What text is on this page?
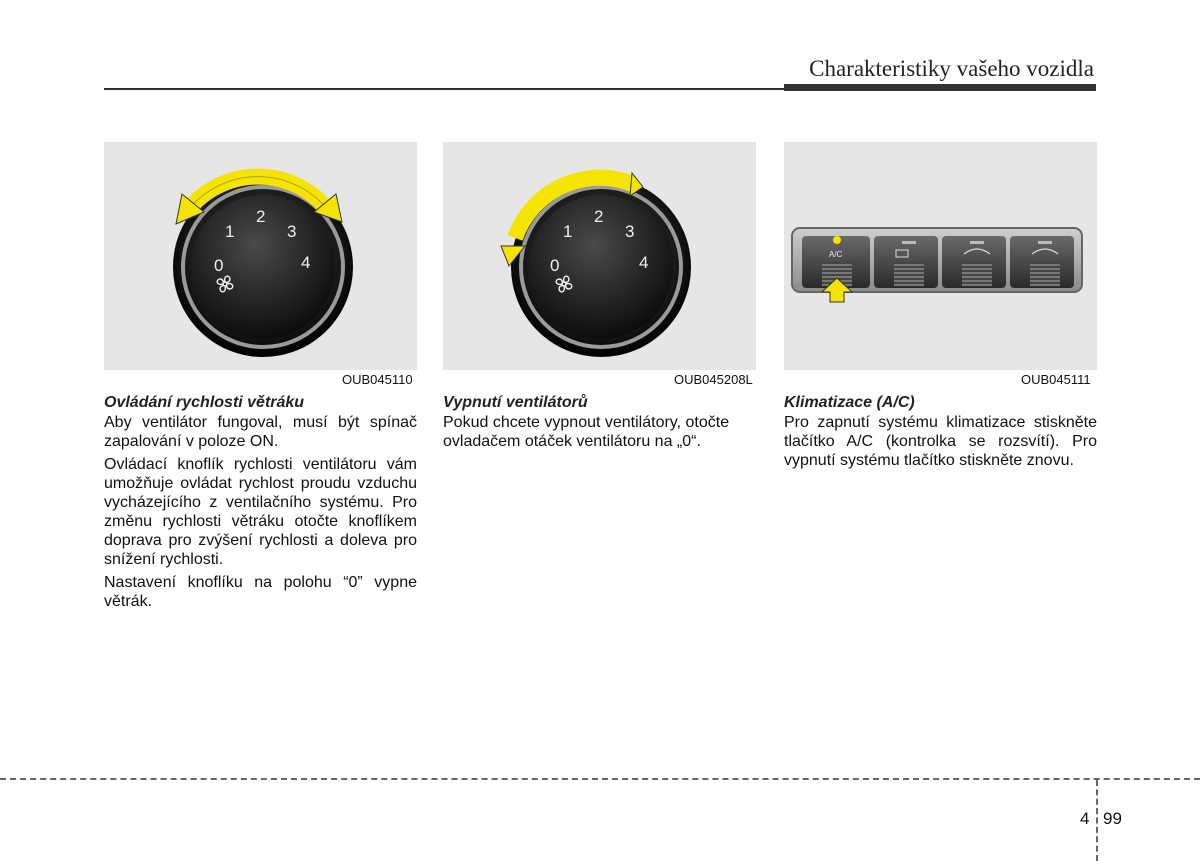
Charakteristiky vašeho vozidla
0
1
2
3
4
OUB045110
0
1
2
3
4
OUB045208L
A/C
OUB045111
Ovládání rychlosti větráku

Aby ventilátor fungoval, musí být spínač zapalování v poloze ON.

Ovládací knoflík rychlosti ventilátoru vám umožňuje ovládat rychlost proudu vzduchu vycházejícího z ventilačního systému. Pro změnu rychlosti větráku otočte knoflíkem doprava pro zvýšení rychlosti a doleva pro snížení rychlosti.

Nastavení knoflíku na polohu “0” vypne větrák.

Vypnutí ventilátorů

Pokud chcete vypnout ventilátory, otočte ovladačem otáček ventilátoru na „0“.

Klimatizace (A/C)

Pro zapnutí systému klimatizace stiskněte tlačítko A/C (kontrolka se rozsvítí). Pro vypnutí systému tlačítko stiskněte znovu.

4 99
